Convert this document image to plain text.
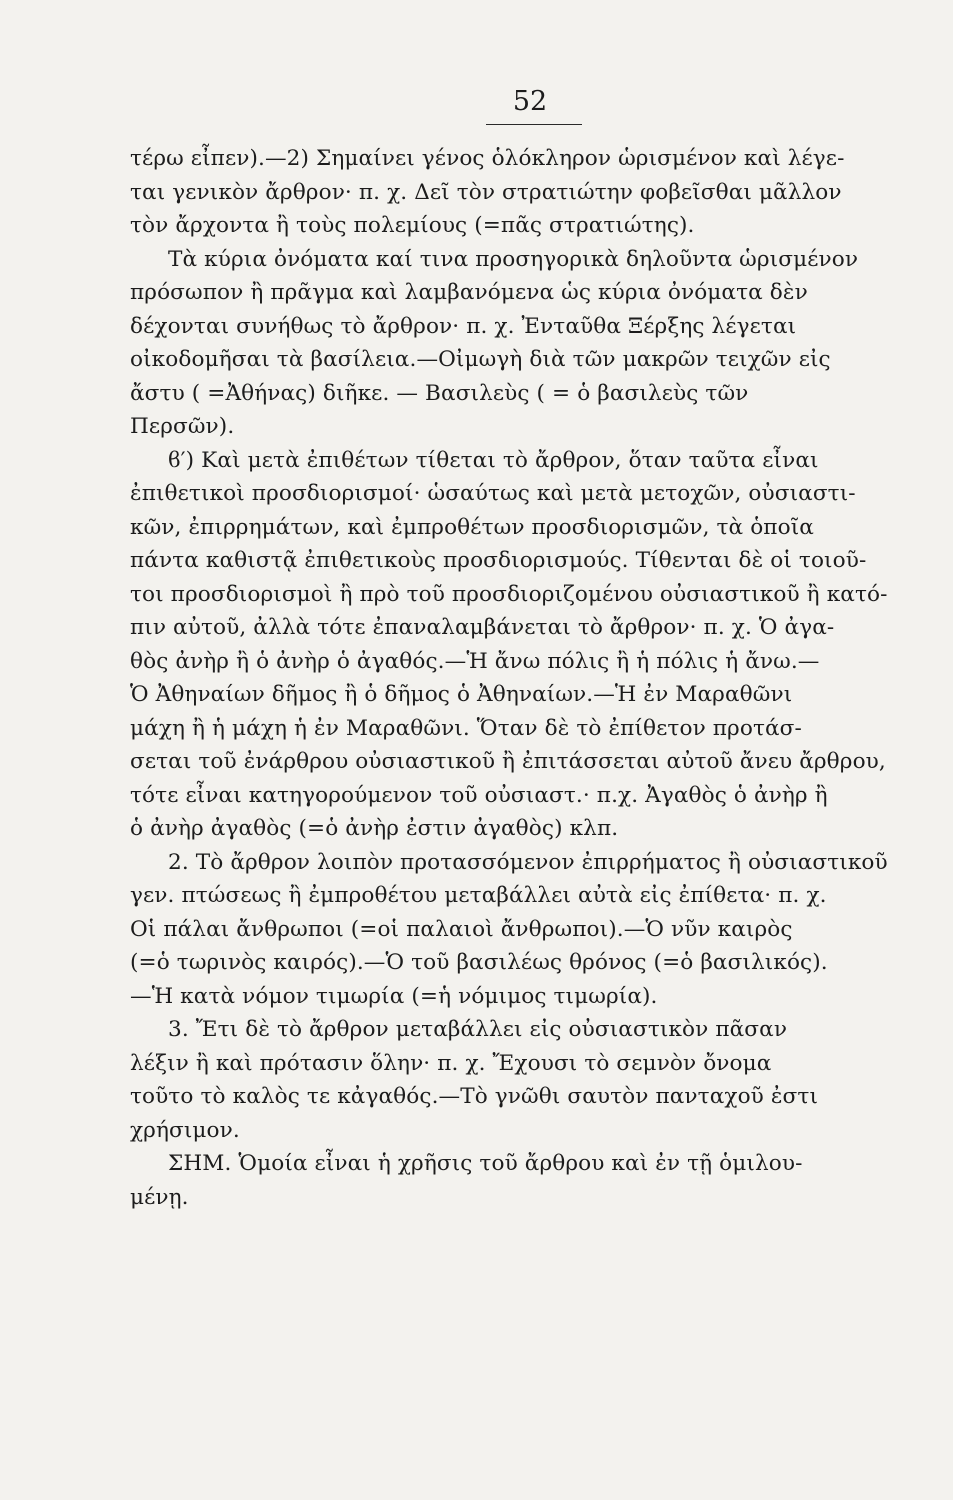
52
τέρω εἶπεν).—2) Σημαίνει γένος ὁλόκληρον ὡρισμένον καὶ λέγε-
ται γενικὸν ἄρθρον· π. χ. Δεῖ τὸν στρατιώτην φοβεῖσθαι μᾶλλον
τὸν ἄρχοντα ἢ τοὺς πολεμίους (=πᾶς στρατιώτης).
Τὰ κύρια ὀνόματα καί τινα προσηγορικὰ δηλοῦντα ὡρισμένον
πρόσωπον ἢ πρᾶγμα καὶ λαμβανόμενα ὡς κύρια ὀνόματα δὲν
δέχονται συνήθως τὸ ἄρθρον· π. χ. Ἐνταῦθα Ξέρξης λέγεται
οἰκοδομῆσαι τὰ βασίλεια.—Οἰμωγὴ διὰ τῶν μακρῶν τειχῶν εἰς
ἄστυ ( =Ἀθήνας) διῆκε. — Βασιλεὺς ( = ὁ βασιλεὺς τῶν
Περσῶν).
ϐ′) Καὶ μετὰ ἐπιθέτων τίθεται τὸ ἄρθρον, ὅταν ταῦτα εἶναι
ἐπιθετικοὶ προσδιορισμοί· ὡσαύτως καὶ μετὰ μετοχῶν, οὐσιαστι-
κῶν, ἐπιρρημάτων, καὶ ἐμπροθέτων προσδιορισμῶν, τὰ ὁποῖα
πάντα καθιστᾷ ἐπιθετικοὺς προσδιορισμούς. Τίθενται δὲ οἱ τοιοῦ-
τοι προσδιορισμοὶ ἢ πρὸ τοῦ προσδιοριζομένου οὐσιαστικοῦ ἢ κατό-
πιν αὐτοῦ, ἀλλὰ τότε ἐπαναλαμβάνεται τὸ ἄρθρον· π. χ. Ὁ ἀγα-
θὸς ἀνὴρ ἢ ὁ ἀνὴρ ὁ ἀγαθός.—Ἡ ἄνω πόλις ἢ ἡ πόλις ἡ ἄνω.—
Ὁ Ἀθηναίων δῆμος ἢ ὁ δῆμος ὁ Ἀθηναίων.—Ἡ ἐν Μαραθῶνι
μάχη ἢ ἡ μάχη ἡ ἐν Μαραθῶνι. Ὅταν δὲ τὸ ἐπίθετον προτάσ-
σεται τοῦ ἐνάρθρου οὐσιαστικοῦ ἢ ἐπιτάσσεται αὐτοῦ ἄνευ ἄρθρου,
τότε εἶναι κατηγορούμενον τοῦ οὐσιαστ.· π.χ. Ἀγαθὸς ὁ ἀνὴρ ἢ
ὁ ἀνὴρ ἀγαθὸς (=ὁ ἀνὴρ ἐστιν ἀγαθὸς) κλπ.
2. Τὸ ἄρθρον λοιπὸν προτασσόμενον ἐπιρρήματος ἢ οὐσιαστικοῦ
γεν. πτώσεως ἢ ἐμπροθέτου μεταβάλλει αὐτὰ εἰς ἐπίθετα· π. χ.
Οἱ πάλαι ἄνθρωποι (=οἱ παλαιοὶ ἄνθρωποι).—Ὁ νῦν καιρὸς
(=ὁ τωρινὸς καιρός).—Ὁ τοῦ βασιλέως θρόνος (=ὁ βασιλικός).
—Ἡ κατὰ νόμον τιμωρία (=ἡ νόμιμος τιμωρία).
3. Ἔτι δὲ τὸ ἄρθρον μεταβάλλει εἰς οὐσιαστικὸν πᾶσαν
λέξιν ἢ καὶ πρότασιν ὅλην· π. χ. Ἔχουσι τὸ σεμνὸν ὄνομα
τοῦτο τὸ καλὸς τε κἀγαθός.—Τὸ γνῶθι σαυτὸν πανταχοῦ ἐστι
χρήσιμον.
ΣΗΜ. Ὁμοία εἶναι ἡ χρῆσις τοῦ ἄρθρου καὶ ἐν τῇ ὁμιλου-
μένῃ.
